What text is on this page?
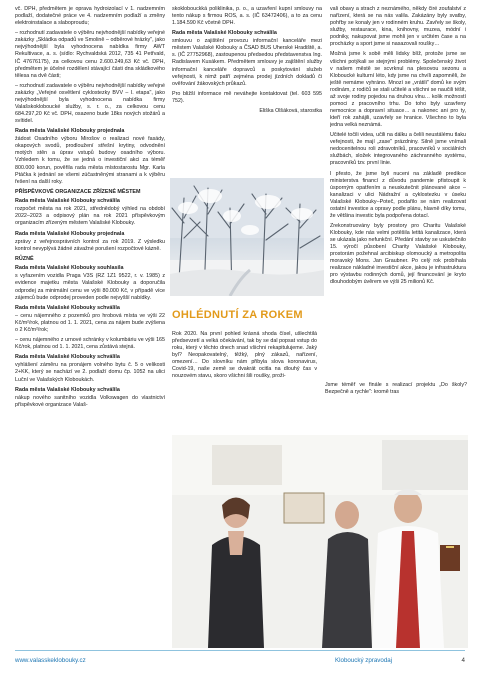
vč. DPH, předmětem je oprava hydroizolací v 1. nadzemním podlaží, dodatečné práce ve 4. nadzemním podlaží a změny elektroinstalace a slaboproudu;

– rozhodnutí zadavatele o výběru nejvhodnější nabídky veřejné zakázky „Skládka odpadů ve Smolině – odběrové hrázky", jako nejvýhodnější byla vyhodnocena nabídka firmy AWT Rekultivace, a. s. (sídlo: Rychvaldská 2012, 735 41 Petřvald, IČ 47676175), za celkovou cenu 2.600.249,63 Kč vč. DPH, předmětem je účelné rozdělení stávající části dna skládkového tělesa na dvě části;

– rozhodnutí zadavatele o výběru nejvhodnější nabídky veřejné zakázky „Veřejné osvětlení cyklostezky BVV – I. etapa", jako nejvýhodnější byla vyhodnocena nabídka firmy Valašskokloboucké služby, s. r. o., za celkovou cenu 684.297,20 Kč vč. DPH, osazeno bude 18ks nových stožárů a svítidel.

Rada města Valašské Klobouky projednala

žádost Osadního výboru Mirošov o realizaci nové fasády, okapových svodů, prodloužení střešní krytiny, odvodnění motých stěn a úprav vstupů budovy osadního výboru. Vzhledem k tomu, že se jedná o investiční akci za téměř 800.000 korun, pověřila rada města místostarostu Mgr. Karla Ptáčka k jednání se všemi zúčastněnými stranami a k výběru řešení na další roky.

PŘÍSPĚVKOVÉ ORGANIZACE ZŘÍZENÉ MĚSTEM
Rada města Valašské Klobouky schválila

rozpočet města na rok 2021, střednědobý výhled na období 2022–2023 a odpisový plán na rok 2021 příspěvkovým organizacím zřízeným městem Valašské Klobouky.

Rada města Valašské Klobouky projednala

zprávy z veřejnosprávních kontrol za rok 2019. Z výsledku kontrol nevyplývá žádné závažné porušení rozpočtové kázně.

RŮZNÉ
Rada města Valašské Klobouky souhlasila

s vyřazením vozidla Praga V3S (RZ 1Z1 9522, r. v. 1985) z evidence majetku města Valašské Klobouky a doporučila odprodej za minimální cenu ve výši 80.000 Kč, v případě více zájemců bude odprodej proveden podle nejvyšší nabídky.

Rada města Valašské Klobouky schválila

– cenu nájemného z pozemků pro hrobová místa ve výši 22 Kč/m²/rok, platnou od 1. 1. 2021, cena za nájem bude zvýšena o 2 Kč/m²/rok;

– cenu nájemného z urnové schránky v kolumbáriu ve výši 165 Kč/rok, platnou od 1. 1. 2021, cena zůstává stejná.

Rada města Valašské Klobouky schválila

vyhlášení záměru na pronájem volného bytu č. 5 o velikosti 2+KK, který se nachází ve 2. podlaží domu čp. 1052 na ulici Luční ve Valašských Kloboukách.

Rada města Valašské Klobouky schválila

nákup nového sanitního vozidla Volkswagen do vlastnictví příspěvkové organizace Valaš-

skoklobouckká poliklinika, p. o., a uzavření kupní smlouvy na tento nákup s firmou ROS, a. s. (IČ 63472406), a to za cenu 1.184.590 Kč včetně DPH.

Rada města Valašské Klobouky schválila

smlouvu o zajištění provozu informační kanceláře mezi městem Valašské Klobouky a ČSAD BUS Uherské Hradiště, a. s. (IČ 27752968), zastoupenou předsedou představenstva Ing. Radislavem Kusákem. Předmětem smlouvy je zajištění služby informační kanceláře dopravců a poskytování služeb veřejnosti, k nimž patří zejména prodej jízdních dokladů či ověřování žákovských průkazů.

Pro bližší informace mě neváhejte kontaktovat (tel. 603 595 752).

Eliška Olšáková, starostka

vali obavy a strach z neznámého, někdy čiré zoufalství z nařízení, která se na nás valila. Zakázány byly svatby, pohřby se konaly jen v rodinném kruhu. Zavřely se školy, služby, restaurace, kina, knihovny, muzea, módní i podniky, nakupovat jsme mohli jen v určitém čase a na procházky a sport jsme si nasazovali roušky…

Možná jsme k sobě měli lidsky blíž, protože jsme se všichni potýkali se stejnými problémy. Společenský život v našem městě se scvrknul na plesovou sezonu a Kloboucké kulturní léto, kdy jsme na chvíli zapomněli, že ještě nemáme vyhráno. Mnozí se „vrátili" domů ke svým rodinám, z rodičů se stali učitelé a všichni se naučili téšit, až svoje rodiny pojedou na druhou vlnu… kolik možností pomoci z pracovního trhu. Do toho byly uzavřeny nemocnice a dopravní situace… a nakonec ani pro ty, kteří rok zahájili, uzavřely se hranice. Všechno to byla jedna velká neznámá.

Učitelé točili videa, učili na dálku a čelili neustálému tlaku veřejnosti, že mají „zase" prázdniny. Silně jsme vnímali nedocenitelnou roli zdravotníků, pracovníků v sociálních službách, složek integrovaného záchranného systému, pracovníků tzv. první linie.

I přesto, že jsme byli nuceni na základě predikce ministerstva financí z důvodu pandemie přistoupit k úsporným opatřením a neuskutečnit plánované akce – kanalizaci v ulici Nádražní a cyklostezku v úseku Valašské Klobouky–Poteč, podařilo se nám realizovat ostatní investice a opravy podle plánu, hlavně díky tomu, že většina investic byla podpořena dotací.

Zrekonstruovány byly prostory pro Charitu Valašské Klobouky, kde nás velmi potěšila letitá kanalizace, která se ukázala jako nefunkční. Předání stavby se uskutečnilo 15. výročí působení Charity Valašské Klobouky, prostorám požehnal arcibiskup olomoucký a metropolita moravský Mons. Jan Graubner. Po celý rok probíhala realizace nákladné investiční akce, jakou je infrastruktura pro výstavbu rodinných domů, její financování je kryto dlouhodobým úvěrem ve výši 25 milionů Kč.

OHLÉDNUTÍ ZA ROKEM

Rok 2020. Na první pohled krásná shoda čísel, ušlechtilá předsevzetí a velká očekávání, tak by se dal popsat vstup do roku, který v těchto dnech snad všichni rekapitulujeme. Jaký byl? Neopakovatelný, těžký, plný zákazů, nařízení, omezení… Do slovníku nám přibyla slova koronavirus, Covid-19, naše země se dvakrát ocitla na dlouhý čas v nouzovém stavu, skoro všichni šili roušky, proži-

Jsme téměř ve finále s realizací projektu „Do školy? Bezpečně a rychle": kromě tras

www.valasskeklobouky.cz	Kloboucký zpravodaj	4
